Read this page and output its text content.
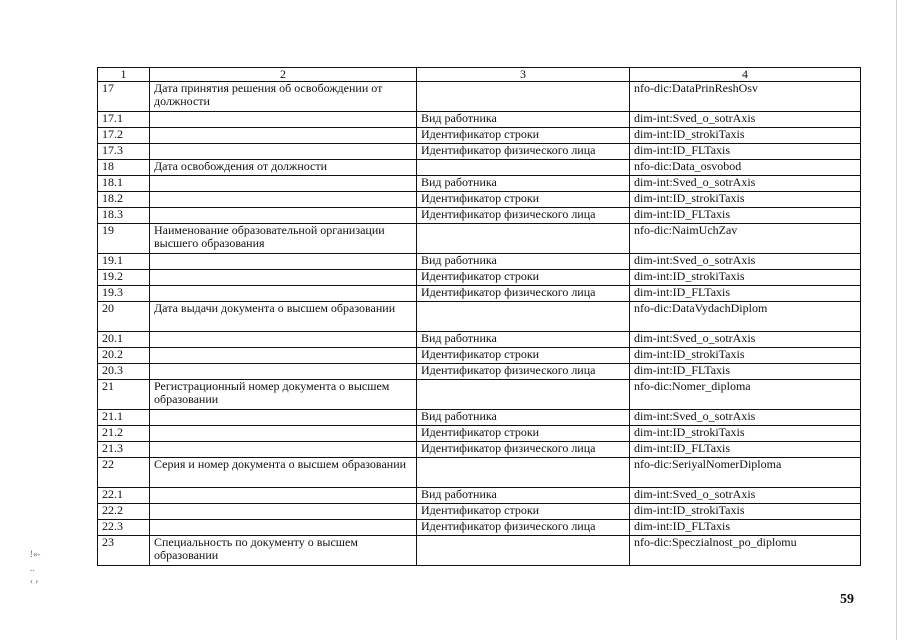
1	2	3	4
17	Дата принятия решения об освобождении от должности		nfo-dic:DataPrinReshOsv
17.1		Вид работника	dim-int:Sved_o_sotrAxis
17.2		Идентификатор строки	dim-int:ID_strokiTaxis
17.3		Идентификатор физического лица	dim-int:ID_FLTaxis
18	Дата освобождения от должности		nfo-dic:Data_osvobod
18.1		Вид работника	dim-int:Sved_o_sotrAxis
18.2		Идентификатор строки	dim-int:ID_strokiTaxis
18.3		Идентификатор физического лица	dim-int:ID_FLTaxis
19	Наименование образовательной организации высшего образования		nfo-dic:NaimUchZav
19.1		Вид работника	dim-int:Sved_o_sotrAxis
19.2		Идентификатор строки	dim-int:ID_strokiTaxis
19.3		Идентификатор физического лица	dim-int:ID_FLTaxis
20	Дата выдачи документа о высшем образовании		nfo-dic:DataVydachDiplom
20.1		Вид работника	dim-int:Sved_o_sotrAxis
20.2		Идентификатор строки	dim-int:ID_strokiTaxis
20.3		Идентификатор физического лица	dim-int:ID_FLTaxis
21	Регистрационный номер документа о высшем образовании		nfo-dic:Nomer_diploma
21.1		Вид работника	dim-int:Sved_o_sotrAxis
21.2		Идентификатор строки	dim-int:ID_strokiTaxis
21.3		Идентификатор физического лица	dim-int:ID_FLTaxis
22	Серия и номер документа о высшем образовании		nfo-dic:SeriyalNomerDiploma
22.1		Вид работника	dim-int:Sved_o_sotrAxis
22.2		Идентификатор строки	dim-int:ID_strokiTaxis
22.3		Идентификатор физического лица	dim-int:ID_FLTaxis
23	Специальность по документу о высшем образовании		nfo-dic:Speczialnost_po_diplomu
59
!«-
..
‹ ›
